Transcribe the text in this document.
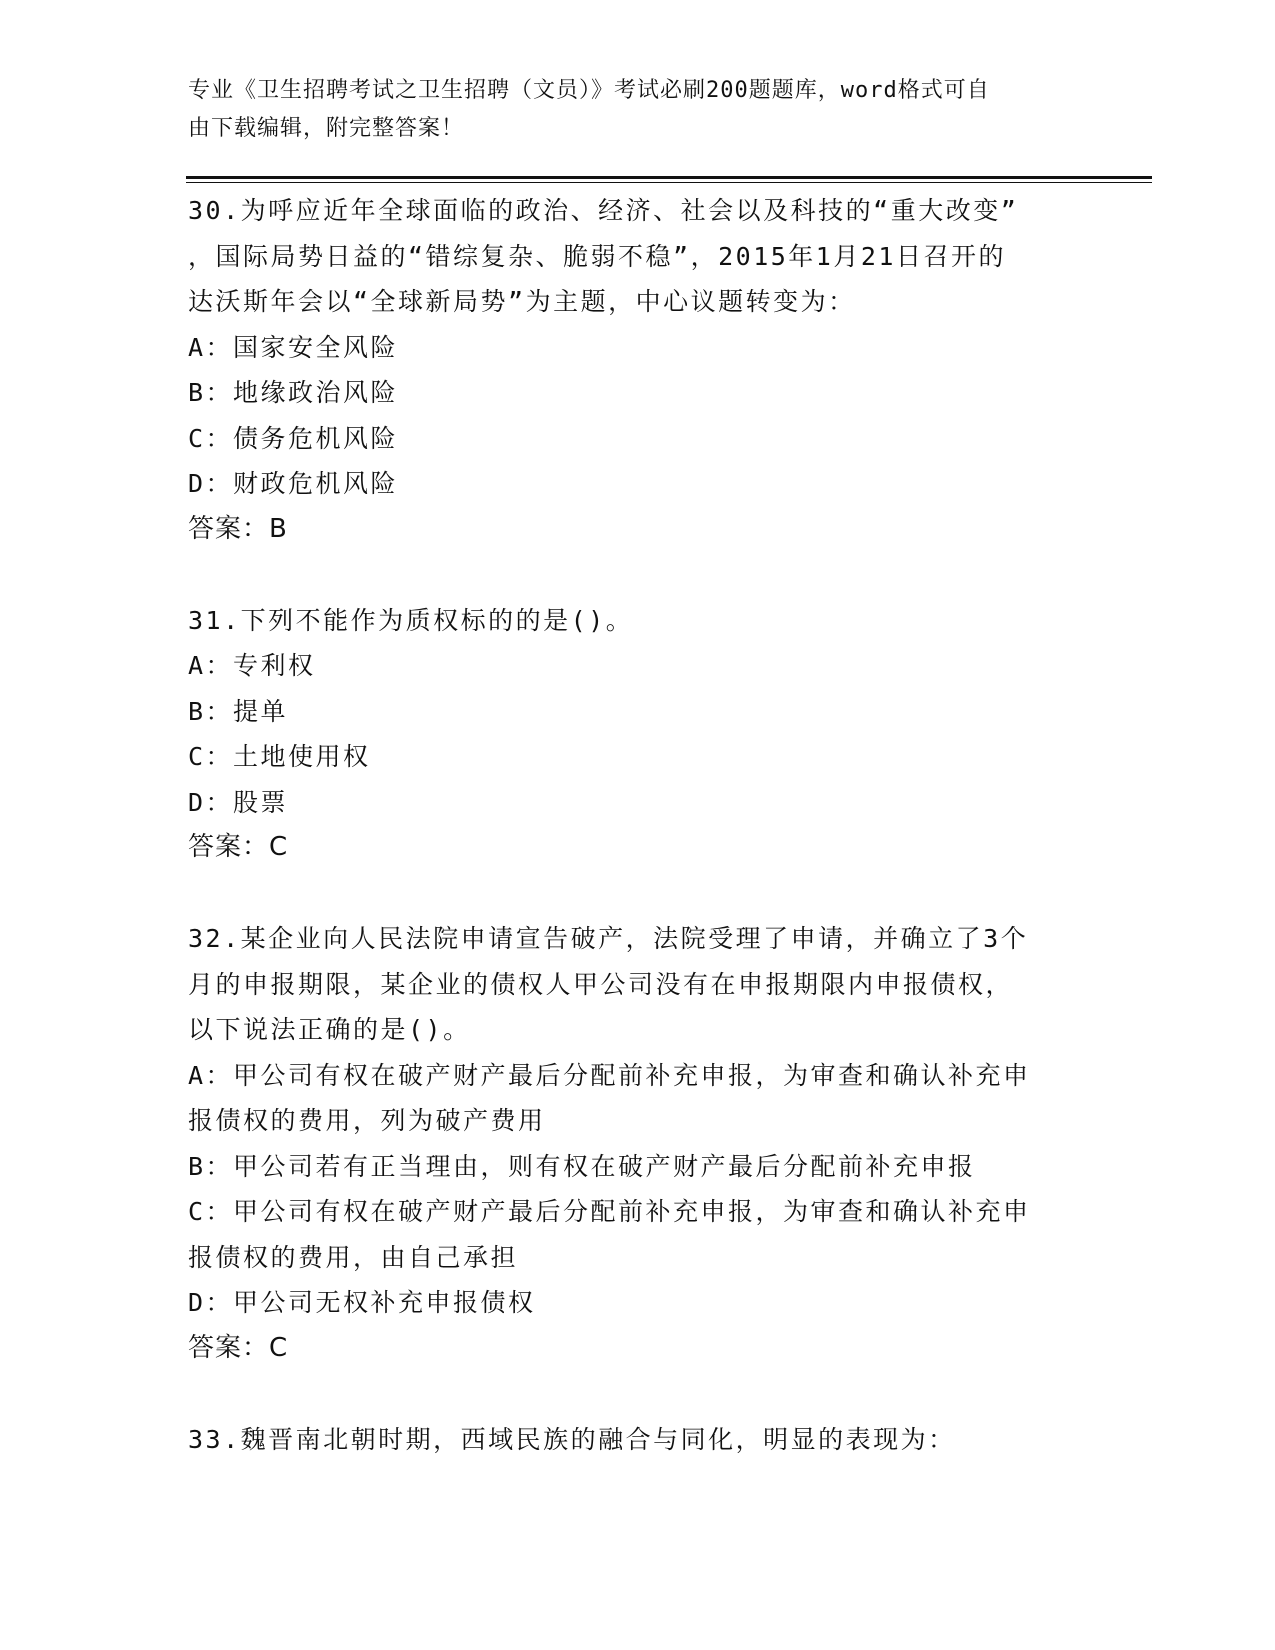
专业《卫生招聘考试之卫生招聘（文员）》考试必刷200题题库，word格式可自

由下载编辑，附完整答案！

30.为呼应近年全球面临的政治、经济、社会以及科技的“重大改变”

，国际局势日益的“错综复杂、脆弱不稳”，2015年1月21日召开的

达沃斯年会以“全球新局势”为主题，中心议题转变为：

A：国家安全风险

B：地缘政治风险

C：债务危机风险

D：财政危机风险

答案：B

31.下列不能作为质权标的的是()。

A：专利权

B：提单

C：土地使用权

D：股票

答案：C

32.某企业向人民法院申请宣告破产，法院受理了申请，并确立了3个

月的申报期限，某企业的债权人甲公司没有在申报期限内申报债权，

以下说法正确的是()。

A：甲公司有权在破产财产最后分配前补充申报，为审查和确认补充申

报债权的费用，列为破产费用

B：甲公司若有正当理由，则有权在破产财产最后分配前补充申报

C：甲公司有权在破产财产最后分配前补充申报，为审查和确认补充申

报债权的费用，由自己承担

D：甲公司无权补充申报债权

答案：C

33.魏晋南北朝时期，西域民族的融合与同化，明显的表现为：
